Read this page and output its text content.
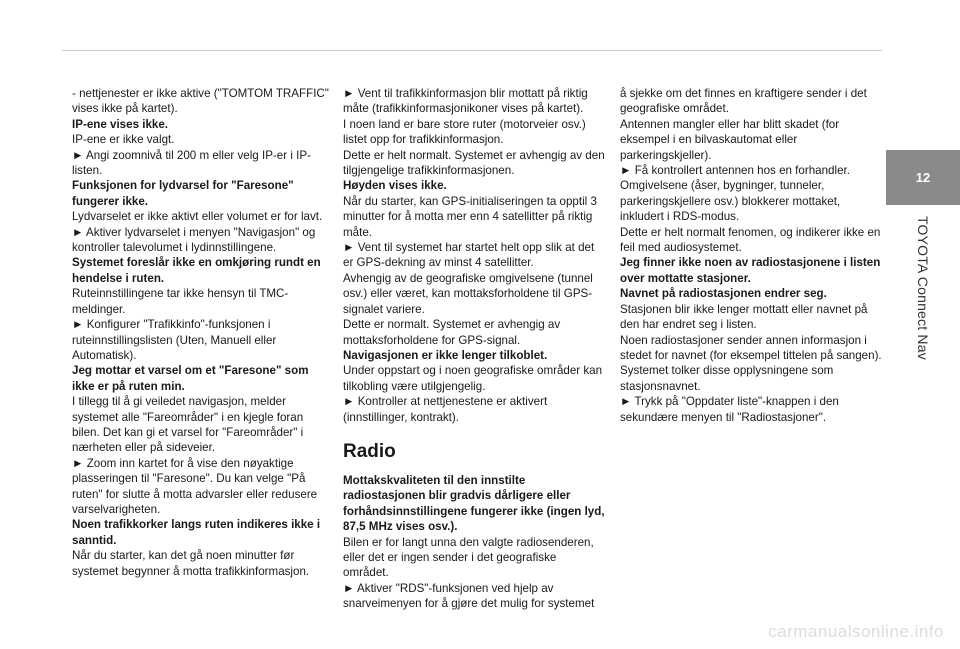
12
TOYOTA Connect Nav

- nettjenester er ikke aktive ("TOMTOM TRAFFIC" vises ikke på kartet).

IP-ene vises ikke.

IP-ene er ikke valgt.

► Angi zoomnivå til 200 m eller velg IP-er i IP-listen.

Funksjonen for lydvarsel for "Faresone" fungerer ikke.

Lydvarselet er ikke aktivt eller volumet er for lavt.

► Aktiver lydvarselet i menyen "Navigasjon" og kontroller talevolumet i lydinnstillingene.

Systemet foreslår ikke en omkjøring rundt en hendelse i ruten.

Ruteinnstillingene tar ikke hensyn til TMC-meldinger.

► Konfigurer "Trafikkinfo"-funksjonen i ruteinnstillingslisten (Uten, Manuell eller Automatisk).

Jeg mottar et varsel om et "Faresone" som ikke er på ruten min.

I tillegg til å gi veiledet navigasjon, melder systemet alle "Fareområder" i en kjegle foran bilen. Det kan gi et varsel for "Fareområder" i nærheten eller på sideveier.

► Zoom inn kartet for å vise den nøyaktige plasseringen til "Faresone". Du kan velge "På ruten" for slutte å motta advarsler eller redusere varselvarigheten.

Noen trafikkorker langs ruten indikeres ikke i sanntid.

Når du starter, kan det gå noen minutter før systemet begynner å motta trafikkinformasjon.

► Vent til trafikkinformasjon blir mottatt på riktig måte (trafikkinformasjonikoner vises på kartet).

I noen land er bare store ruter (motorveier osv.) listet opp for trafikkinformasjon.

Dette er helt normalt. Systemet er avhengig av den tilgjengelige trafikkinformasjonen.

Høyden vises ikke.

Når du starter, kan GPS-initialiseringen ta opptil 3 minutter for å motta mer enn 4 satellitter på riktig måte.

► Vent til systemet har startet helt opp slik at det er GPS-dekning av minst 4 satellitter.

Avhengig av de geografiske omgivelsene (tunnel osv.) eller været, kan mottaksforholdene til GPS-signalet variere.

Dette er normalt. Systemet er avhengig av mottaksforholdene for GPS-signal.

Navigasjonen er ikke lenger tilkoblet.

Under oppstart og i noen geografiske områder kan tilkobling være utilgjengelig.

► Kontroller at nettjenestene er aktivert (innstillinger, kontrakt).

Radio

Mottakskvaliteten til den innstilte radiostasjonen blir gradvis dårligere eller forhåndsinnstillingene fungerer ikke (ingen lyd, 87,5 MHz vises osv.).

Bilen er for langt unna den valgte radiosenderen, eller det er ingen sender i det geografiske området.

► Aktiver "RDS"-funksjonen ved hjelp av snarveimenyen for å gjøre det mulig for systemet

å sjekke om det finnes en kraftigere sender i det geografiske området.

Antennen mangler eller har blitt skadet (for eksempel i en bilvaskautomat eller parkeringskjeller).

► Få kontrollert antennen hos en forhandler.

Omgivelsene (åser, bygninger, tunneler, parkeringskjellere osv.) blokkerer mottaket, inkludert i RDS-modus.

Dette er helt normalt fenomen, og indikerer ikke en feil med audiosystemet.

Jeg finner ikke noen av radiostasjonene i listen over mottatte stasjoner.

Navnet på radiostasjonen endrer seg.

Stasjonen blir ikke lenger mottatt eller navnet på den har endret seg i listen.

Noen radiostasjoner sender annen informasjon i stedet for navnet (for eksempel tittelen på sangen).

Systemet tolker disse opplysningene som stasjonsnavnet.

► Trykk på "Oppdater liste"-knappen i den sekundære menyen til "Radiostasjoner".

carmanualsonline.info
